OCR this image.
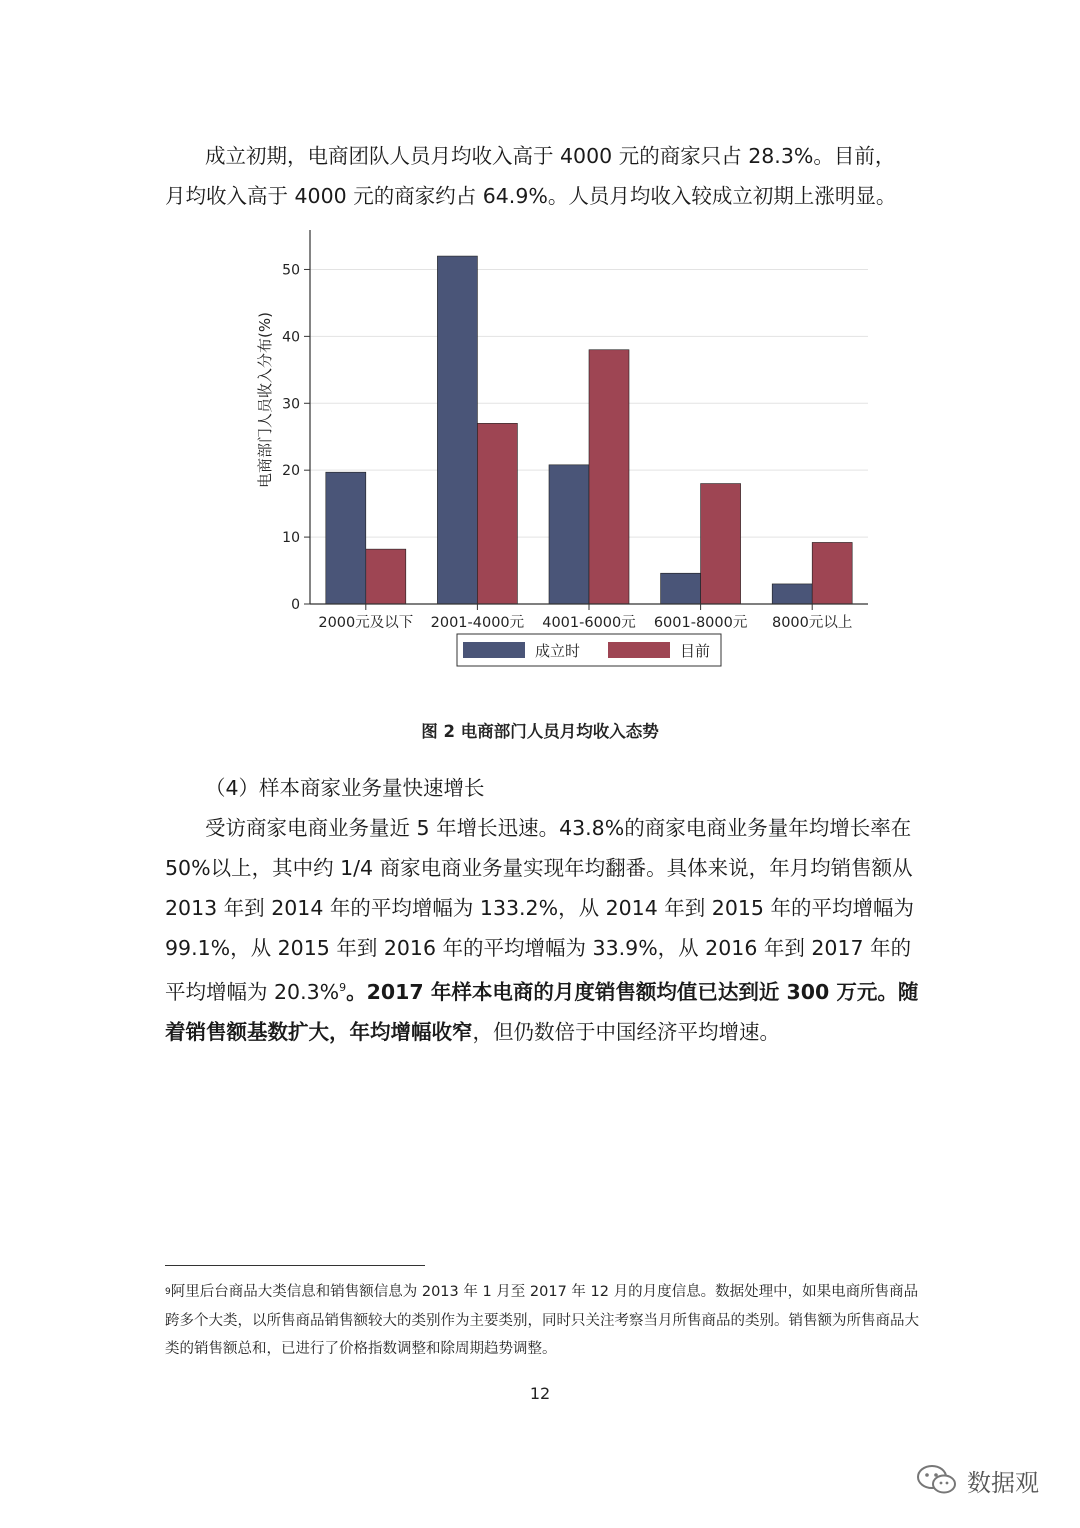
成立初期，电商团队人员月均收入高于 4000 元的商家只占 28.3%。目前，
月均收入高于 4000 元的商家约占 64.9%。人员月均收入较成立初期上涨明显。

0
10
20
30
40
50
2000元及以下 2001-4000元 4001-6000元 6001-8000元 8000元以上
电商部门人员收入分布(%)
成立时	目前
图 2 电商部门人员月均收入态势

（4）样本商家业务量快速增长

受访商家电商业务量近 5 年增长迅速。43.8%的商家电商业务量年均增长率在 50%以上，其中约 1/4 商家电商业务量实现年均翻番。具体来说，年月均销售额从 2013 年到 2014 年的平均增幅为 133.2%，从 2014 年到 2015 年的平均增幅为 99.1%，从 2015 年到 2016 年的平均增幅为 33.9%，从 2016 年到 2017 年的平均增幅为 20.3%$^9$。2017 年样本电商的月度销售额均值已达到近 300 万元。随着销售额基数扩大，年均增幅收窄，但仍数倍于中国经济平均增速。

$^9$阿里后台商品大类信息和销售额信息为 2013 年 1 月至 2017 年 12 月的月度信息。数据处理中，如果电商所售商品跨多个大类，以所售商品销售额较大的类别作为主要类别，同时只关注考察当月所售商品的类别。销售额为所售商品大类的销售额总和，已进行了价格指数调整和除周期趋势调整。

12
数据观
